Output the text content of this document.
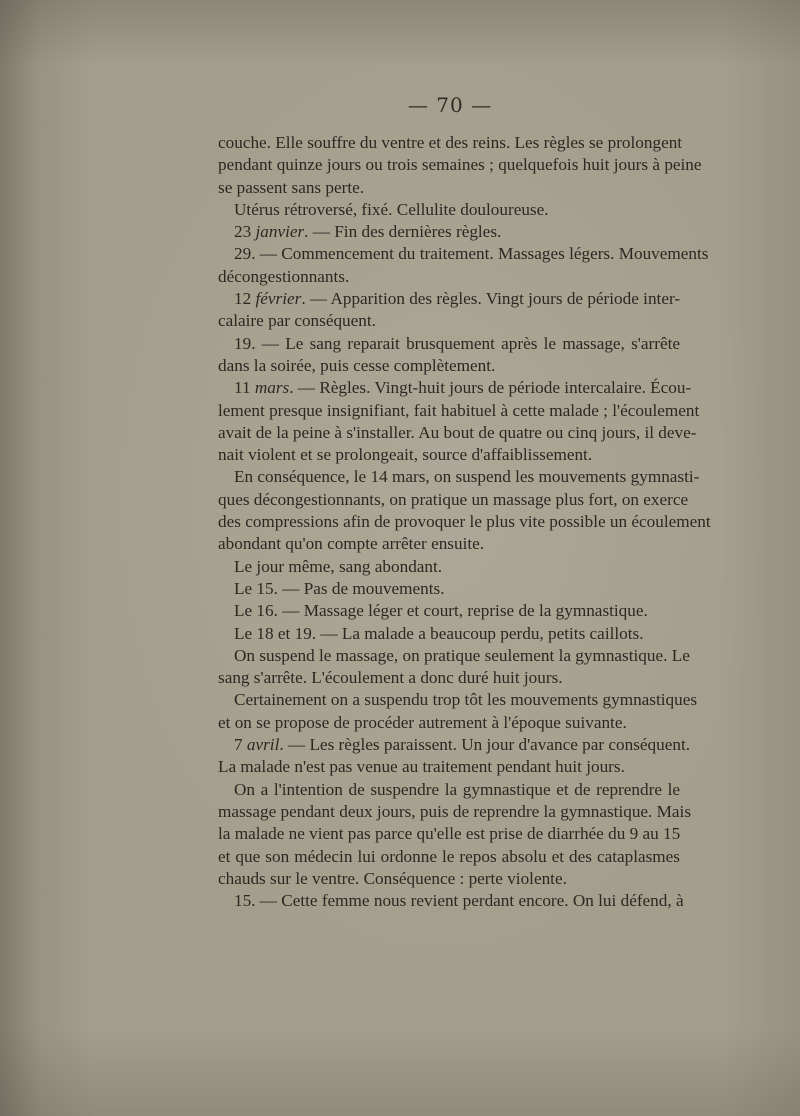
— 70 —
couche. Elle souffre du ventre et des reins. Les règles se prolongent
pendant quinze jours ou trois semaines ; quelquefois huit jours à peine
se passent sans perte.
Utérus rétroversé, fixé. Cellulite douloureuse.
23 janvier. — Fin des dernières règles.
29. — Commencement du traitement. Massages légers. Mouvements
décongestionnants.
12 février. — Apparition des règles. Vingt jours de période inter-
calaire par conséquent.
19. — Le sang reparait brusquement après le massage, s'arrête
dans la soirée, puis cesse complètement.
11 mars. — Règles. Vingt-huit jours de période intercalaire. Écou-
lement presque insignifiant, fait habituel à cette malade ; l'écoulement
avait de la peine à s'installer. Au bout de quatre ou cinq jours, il deve-
nait violent et se prolongeait, source d'affaiblissement.
En conséquence, le 14 mars, on suspend les mouvements gymnasti-
ques décongestionnants, on pratique un massage plus fort, on exerce
des compressions afin de provoquer le plus vite possible un écoulement
abondant qu'on compte arrêter ensuite.
Le jour même, sang abondant.
Le 15. — Pas de mouvements.
Le 16. — Massage léger et court, reprise de la gymnastique.
Le 18 et 19. — La malade a beaucoup perdu, petits caillots.
On suspend le massage, on pratique seulement la gymnastique. Le
sang s'arrête. L'écoulement a donc duré huit jours.
Certainement on a suspendu trop tôt les mouvements gymnastiques
et on se propose de procéder autrement à l'époque suivante.
7 avril. — Les règles paraissent. Un jour d'avance par conséquent.
La malade n'est pas venue au traitement pendant huit jours.
On a l'intention de suspendre la gymnastique et de reprendre le
massage pendant deux jours, puis de reprendre la gymnastique. Mais
la malade ne vient pas parce qu'elle est prise de diarrhée du 9 au 15
et que son médecin lui ordonne le repos absolu et des cataplasmes
chauds sur le ventre. Conséquence : perte violente.
15. — Cette femme nous revient perdant encore. On lui défend, à
